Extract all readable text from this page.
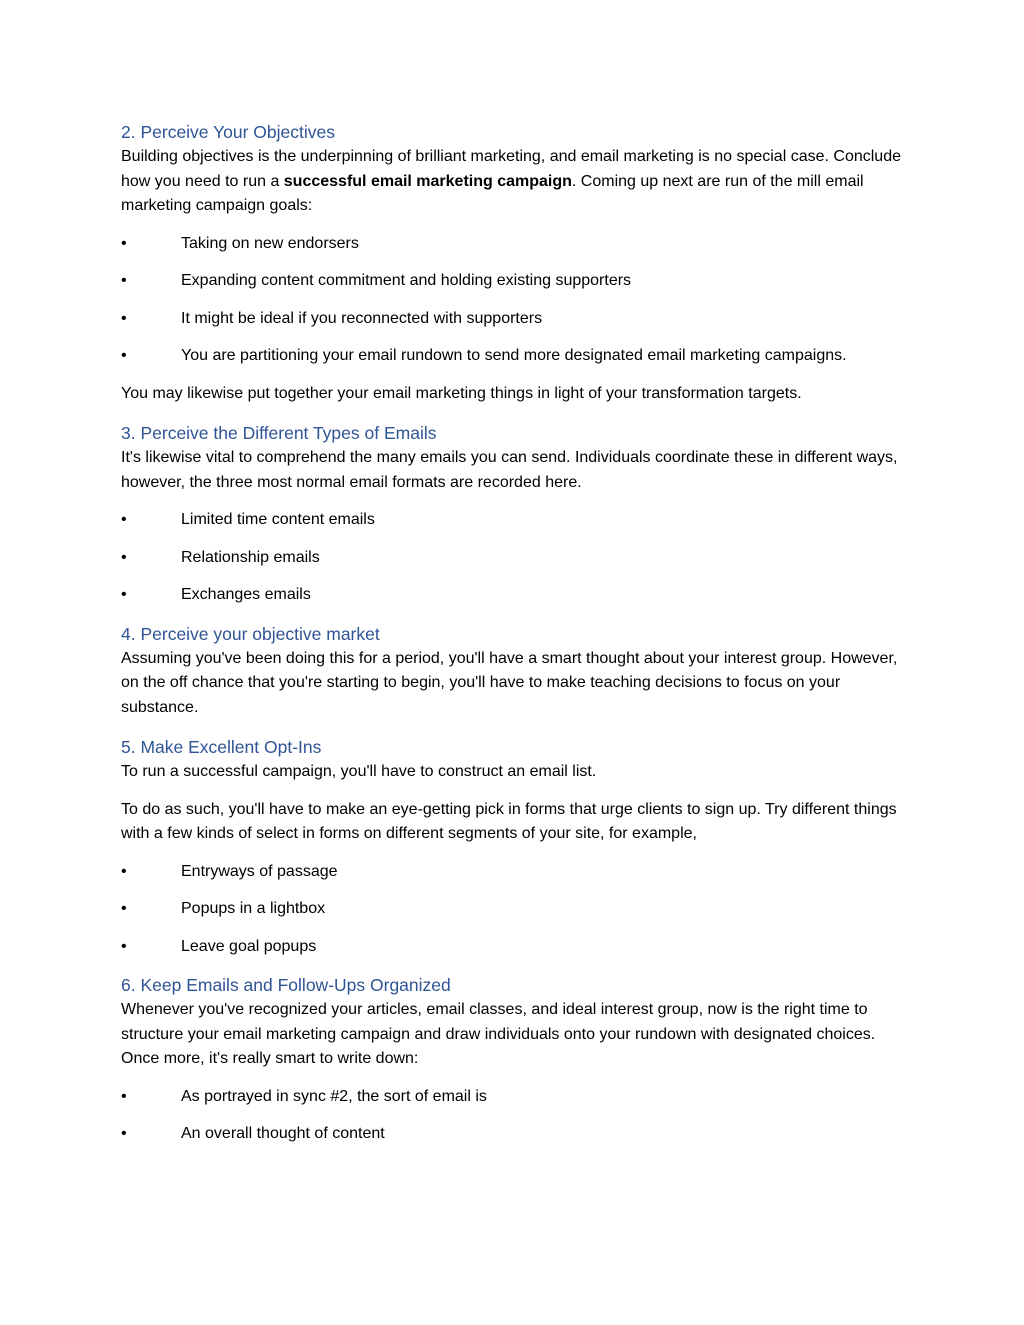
2. Perceive Your Objectives

Building objectives is the underpinning of brilliant marketing, and email marketing is no special case. Conclude how you need to run a successful email marketing campaign. Coming up next are run of the mill email marketing campaign goals:

•	Taking on new endorsers
•	Expanding content commitment and holding existing supporters
•	It might be ideal if you reconnected with supporters
•	You are partitioning your email rundown to send more designated email marketing campaigns.

You may likewise put together your email marketing things in light of your transformation targets.

3. Perceive the Different Types of Emails

It's likewise vital to comprehend the many emails you can send. Individuals coordinate these in different ways, however, the three most normal email formats are recorded here.

•	Limited time content emails
•	Relationship emails
•	Exchanges emails
4. Perceive your objective market

Assuming you've been doing this for a period, you'll have a smart thought about your interest group. However, on the off chance that you're starting to begin, you'll have to make teaching decisions to focus on your substance.

5. Make Excellent Opt-Ins

To run a successful campaign, you'll have to construct an email list.

To do as such, you'll have to make an eye-getting pick in forms that urge clients to sign up. Try different things with a few kinds of select in forms on different segments of your site, for example,

•	Entryways of passage
•	Popups in a lightbox
•	Leave goal popups
6. Keep Emails and Follow-Ups Organized

Whenever you've recognized your articles, email classes, and ideal interest group, now is the right time to structure your email marketing campaign and draw individuals onto your rundown with designated choices. Once more, it's really smart to write down:

•	As portrayed in sync #2, the sort of email is
•	An overall thought of content
